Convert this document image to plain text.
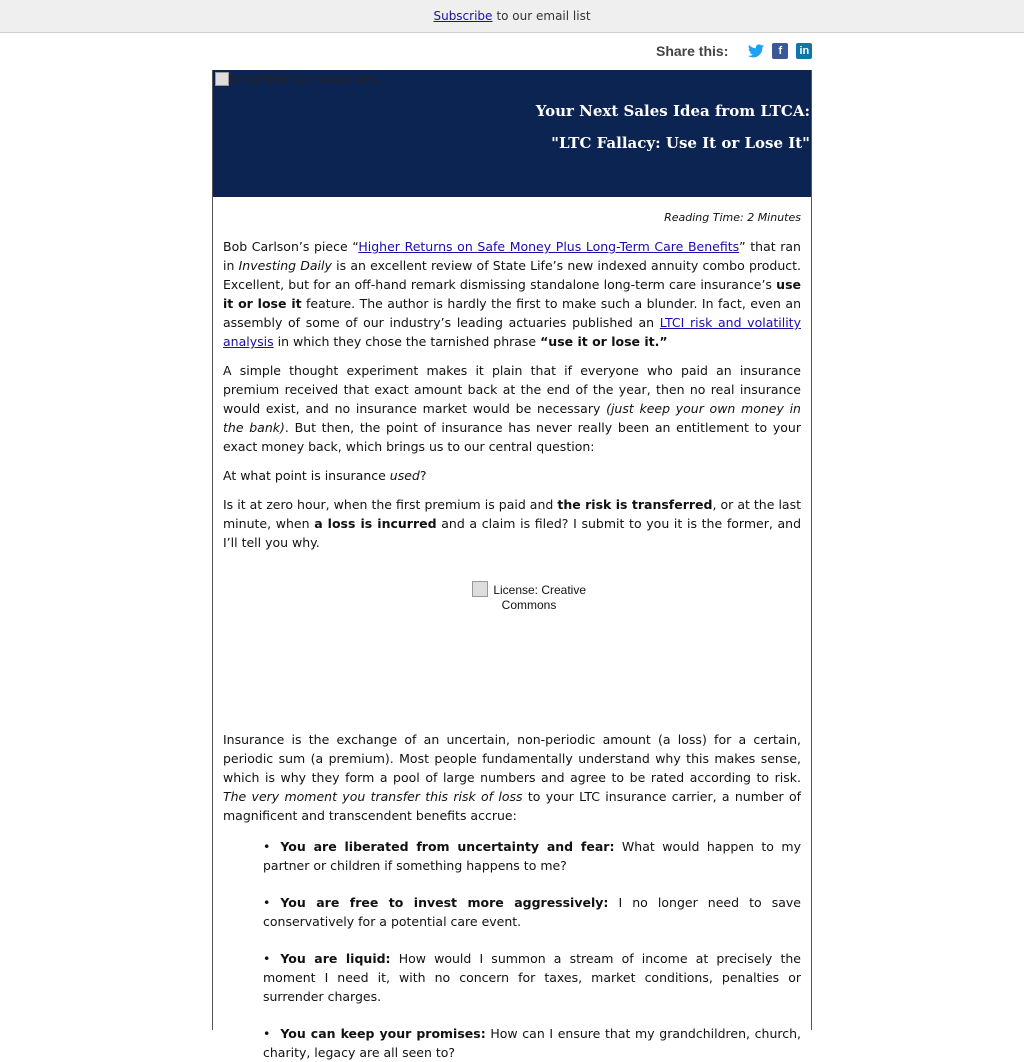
Subscribe to our email list
Share this:	f	in
Long Term Care Associates
Your Next Sales Idea from LTCA:
"LTC Fallacy: Use It or Lose It"
Reading Time: 2 Minutes

Bob Carlson’s piece “Higher Returns on Safe Money Plus Long-Term Care Benefits” that ran in Investing Daily is an excellent review of State Life’s new indexed annuity combo product. Excellent, but for an off-hand remark dismissing standalone long-term care insurance’s use it or lose it feature. The author is hardly the first to make such a blunder. In fact, even an assembly of some of our industry’s leading actuaries published an LTCI risk and volatility analysis in which they chose the tarnished phrase “use it or lose it.”

A simple thought experiment makes it plain that if everyone who paid an insurance premium received that exact amount back at the end of the year, then no real insurance would exist, and no insurance market would be necessary (just keep your own money in the bank). But then, the point of insurance has never really been an entitlement to your exact money back, which brings us to our central question:

At what point is insurance used?

Is it at zero hour, when the first premium is paid and the risk is transferred, or at the last minute, when a loss is incurred and a claim is filed? I submit to you it is the former, and I’ll tell you why.

License: Creative Commons

Insurance is the exchange of an uncertain, non-periodic amount (a loss) for a certain, periodic sum (a premium). Most people fundamentally understand why this makes sense, which is why they form a pool of large numbers and agree to be rated according to risk. The very moment you transfer this risk of loss to your LTC insurance carrier, a number of magnificent and transcendent benefits accrue:

• You are liberated from uncertainty and fear: What would happen to my partner or children if something happens to me?
• You are free to invest more aggressively: I no longer need to save conservatively for a potential care event.
• You are liquid: How would I summon a stream of income at precisely the moment I need it, with no concern for taxes, market conditions, penalties or surrender charges.
• You can keep your promises: How can I ensure that my grandchildren, church, charity, legacy are all seen to?
